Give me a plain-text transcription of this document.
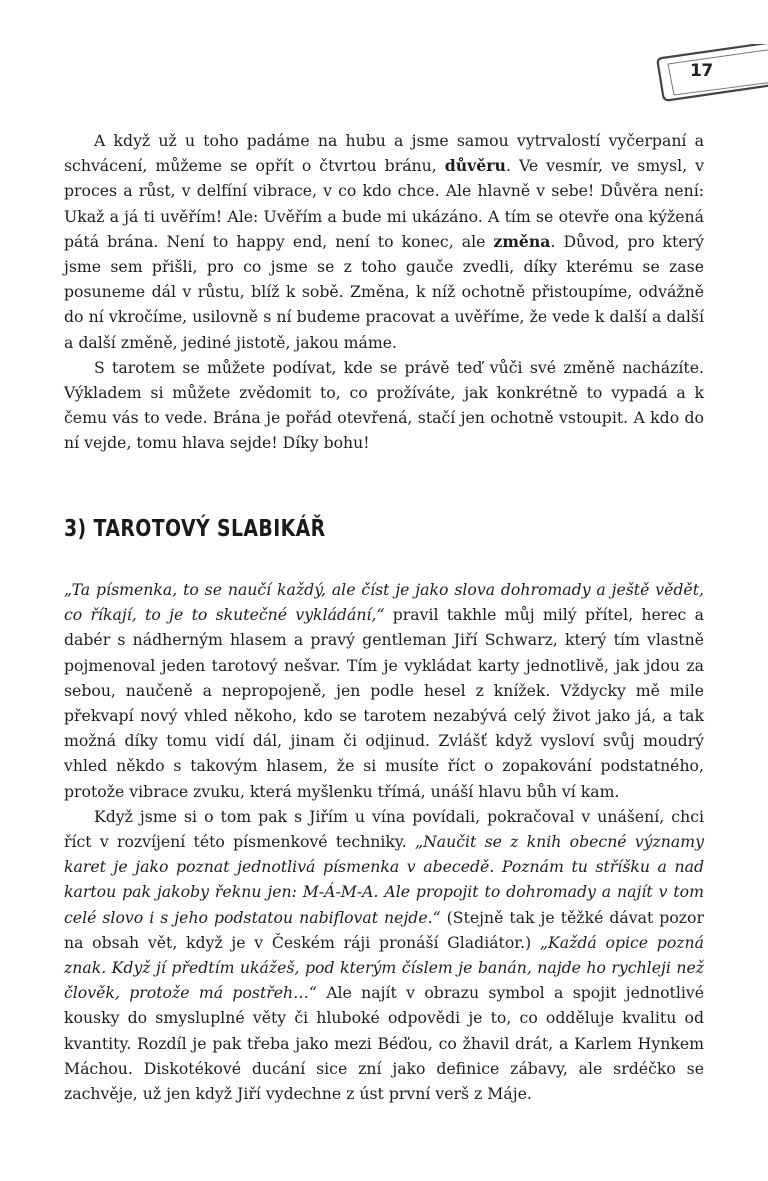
17

A když už u toho padáme na hubu a jsme samou vytrvalostí vyčerpaní a schvácení, můžeme se opřít o čtvrtou bránu, důvěru. Ve vesmír, ve smysl, v proces a růst, v delfíní vibrace, v co kdo chce. Ale hlavně v sebe! Důvěra není: Ukaž a já ti uvěřím! Ale: Uvěřím a bude mi ukázáno. A tím se otevře ona kýžená pátá brána. Není to happy end, není to konec, ale změna. Důvod, pro který jsme sem přišli, pro co jsme se z toho gauče zvedli, díky kterému se zase posuneme dál v růstu, blíž k sobě. Změna, k níž ochotně přistoupíme, odvážně do ní vkročíme, usilovně s ní budeme pracovat a uvěříme, že vede k další a další a další změně, jediné jistotě, jakou máme.

S tarotem se můžete podívat, kde se právě teď vůči své změně nacházíte. Výkladem si můžete zvědomit to, co prožíváte, jak konkrétně to vypadá a k čemu vás to vede. Brána je pořád otevřená, stačí jen ochotně vstoupit. A kdo do ní vejde, tomu hlava sejde! Díky bohu!

3) TAROTOVÝ SLABIKÁŘ

„Ta písmenka, to se naučí každý, ale číst je jako slova dohromady a ještě vědět, co říkají, to je to skutečné vykládání,“ pravil takhle můj milý přítel, herec a dabér s nádherným hlasem a pravý gentleman Jiří Schwarz, který tím vlastně pojmenoval jeden tarotový nešvar. Tím je vykládat karty jednotlivě, jak jdou za sebou, naučeně a nepropojeně, jen podle hesel z knížek. Vždycky mě mile překvapí nový vhled někoho, kdo se tarotem nezabývá celý život jako já, a tak možná díky tomu vidí dál, jinam či odjinud. Zvlášť když vysloví svůj moudrý vhled někdo s takovým hlasem, že si musíte říct o zopakování podstatného, protože vibrace zvuku, která myšlenku třímá, unáší hlavu bůh ví kam.

Když jsme si o tom pak s Jiřím u vína povídali, pokračoval v unášení, chci říct v rozvíjení této písmenkové techniky. „Naučit se z knih obecné významy karet je jako poznat jednotlivá písmenka v abecedě. Poznám tu stříšku a nad kartou pak jakoby řeknu jen: M-Á-M-A. Ale propojit to dohromady a najít v tom celé slovo i s jeho podstatou nabiflovat nejde.“ (Stejně tak je těžké dávat pozor na obsah vět, když je v Českém ráji pronáší Gladiátor.) „Každá opice pozná znak. Když jí předtím ukážeš, pod kterým číslem je banán, najde ho rychleji než člověk, protože má postřeh…“ Ale najít v obrazu symbol a spojit jednotlivé kousky do smysluplné věty či hluboké odpovědi je to, co odděluje kvalitu od kvantity. Rozdíl je pak třeba jako mezi Béďou, co žhavil drát, a Karlem Hynkem Máchou. Diskotékové ducání sice zní jako definice zábavy, ale srdéčko se zachvěje, už jen když Jiří vydechne z úst první verš z Máje.
